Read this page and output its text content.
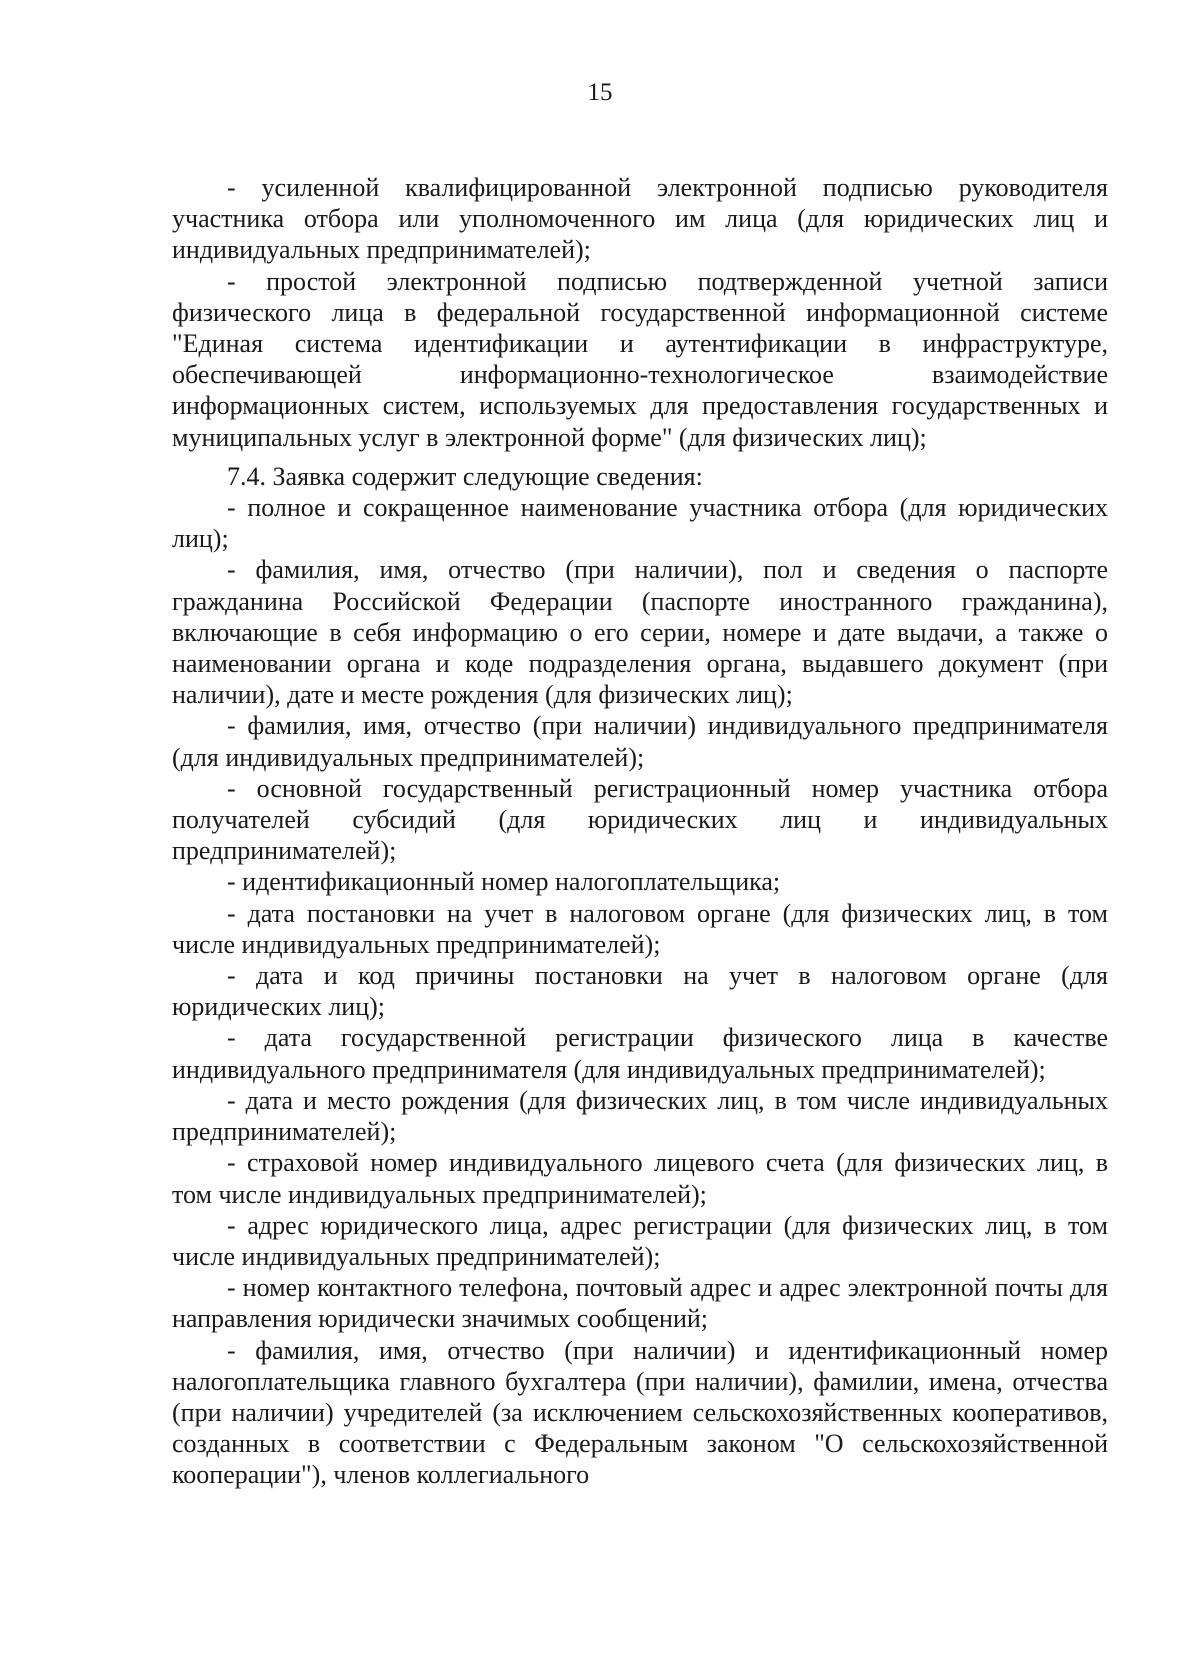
15

- усиленной квалифицированной электронной подписью руководителя участника отбора или уполномоченного им лица (для юридических лиц и индивидуальных предпринимателей);

- простой электронной подписью подтвержденной учетной записи физического лица в федеральной государственной информационной системе "Единая система идентификации и аутентификации в инфраструктуре, обеспечивающей информационно-технологическое взаимодействие информационных систем, используемых для предоставления государственных и муниципальных услуг в электронной форме" (для физических лиц);

7.4. Заявка содержит следующие сведения:

- полное и сокращенное наименование участника отбора (для юридических лиц);

- фамилия, имя, отчество (при наличии), пол и сведения о паспорте гражданина Российской Федерации (паспорте иностранного гражданина), включающие в себя информацию о его серии, номере и дате выдачи, а также о наименовании органа и коде подразделения органа, выдавшего документ (при наличии), дате и месте рождения (для физических лиц);

- фамилия, имя, отчество (при наличии) индивидуального предпринимателя (для индивидуальных предпринимателей);

- основной государственный регистрационный номер участника отбора получателей субсидий (для юридических лиц и индивидуальных предпринимателей);

- идентификационный номер налогоплательщика;

- дата постановки на учет в налоговом органе (для физических лиц, в том числе индивидуальных предпринимателей);

- дата и код причины постановки на учет в налоговом органе (для юридических лиц);

- дата государственной регистрации физического лица в качестве индивидуального предпринимателя (для индивидуальных предпринимателей);

- дата и место рождения (для физических лиц, в том числе индивидуальных предпринимателей);

- страховой номер индивидуального лицевого счета (для физических лиц, в том числе индивидуальных предпринимателей);

- адрес юридического лица, адрес регистрации (для физических лиц, в том числе индивидуальных предпринимателей);

- номер контактного телефона, почтовый адрес и адрес электронной почты для направления юридически значимых сообщений;

- фамилия, имя, отчество (при наличии) и идентификационный номер налогоплательщика главного бухгалтера (при наличии), фамилии, имена, отчества (при наличии) учредителей (за исключением сельскохозяйственных кооперативов, созданных в соответствии с Федеральным законом "О сельскохозяйственной кооперации"), членов коллегиального
